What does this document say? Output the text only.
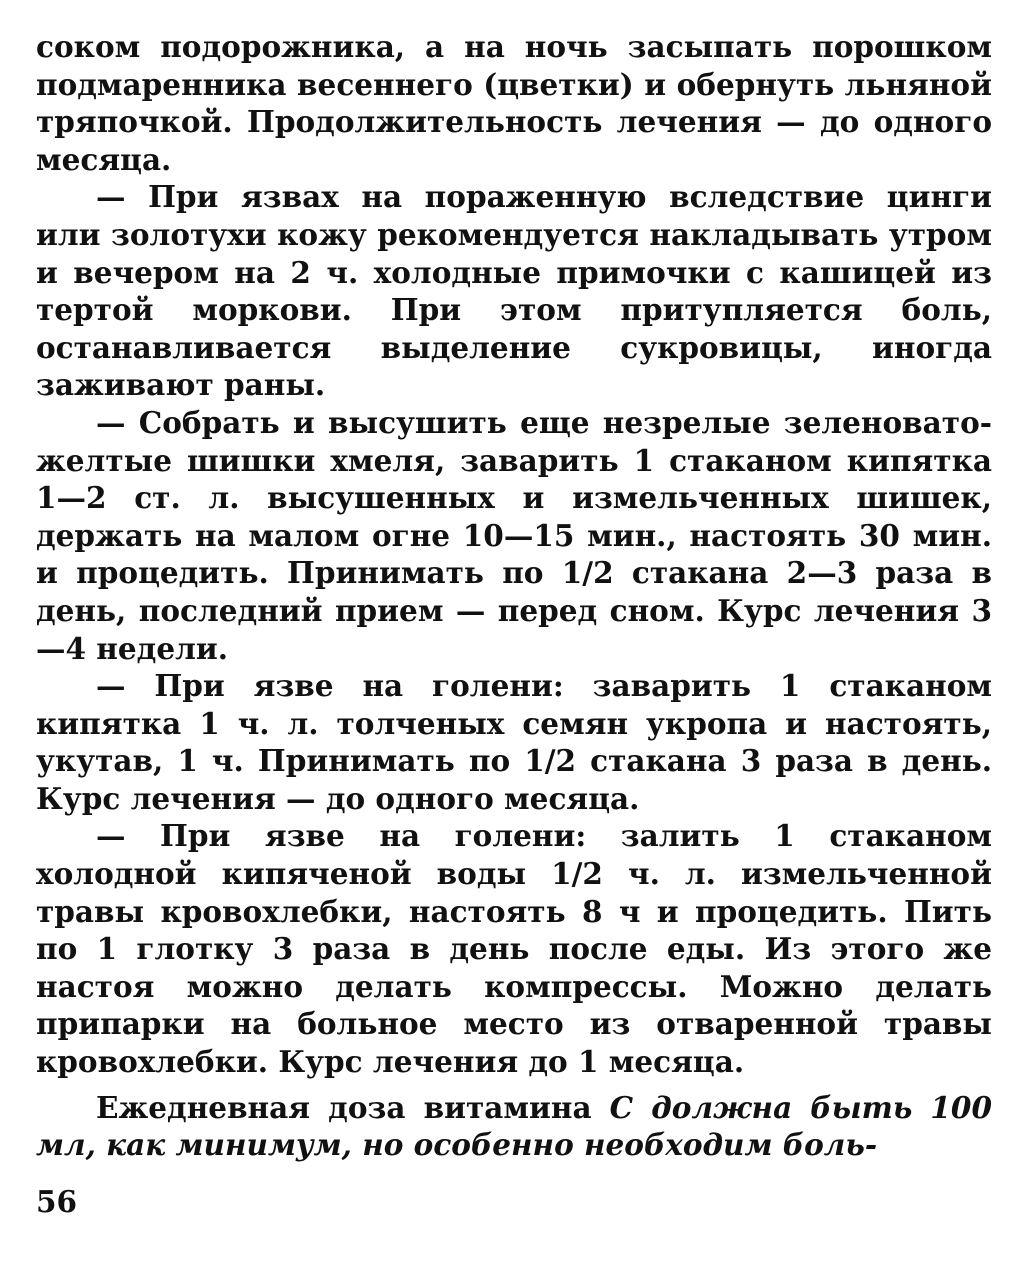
соком подорожника, а на ночь засыпать порошком подмаренника весеннего (цветки) и обернуть льняной тряпочкой. Продолжительность лечения — до одного месяца.

— При язвах на пораженную вследствие цинги или золотухи кожу рекомендуется накладывать утром и вечером на 2 ч. холодные примочки с кашицей из тертой моркови. При этом притупляется боль, останавливается выделение сукровицы, иногда заживают раны.

— Собрать и высушить еще незрелые зеленовато-желтые шишки хмеля, заварить 1 стаканом кипятка 1—2 ст. л. высушенных и измельченных шишек, держать на малом огне 10—15 мин., настоять 30 мин. и процедить. Принимать по 1/2 стакана 2—3 раза в день, последний прием — перед сном. Курс лечения 3—4 недели.

— При язве на голени: заварить 1 стаканом кипятка 1 ч. л. толченых семян укропа и настоять, укутав, 1 ч. Принимать по 1/2 стакана 3 раза в день. Курс лечения — до одного месяца.

— При язве на голени: залить 1 стаканом холодной кипяченой воды 1/2 ч. л. измельченной травы кровохлебки, настоять 8 ч и процедить. Пить по 1 глотку 3 раза в день после еды. Из этого же настоя можно делать компрессы. Можно делать припарки на больное место из отваренной травы кровохлебки. Курс лечения до 1 месяца.

Ежедневная доза витамина С должна быть 100 мл, как минимум, но особенно необходим боль-

56
